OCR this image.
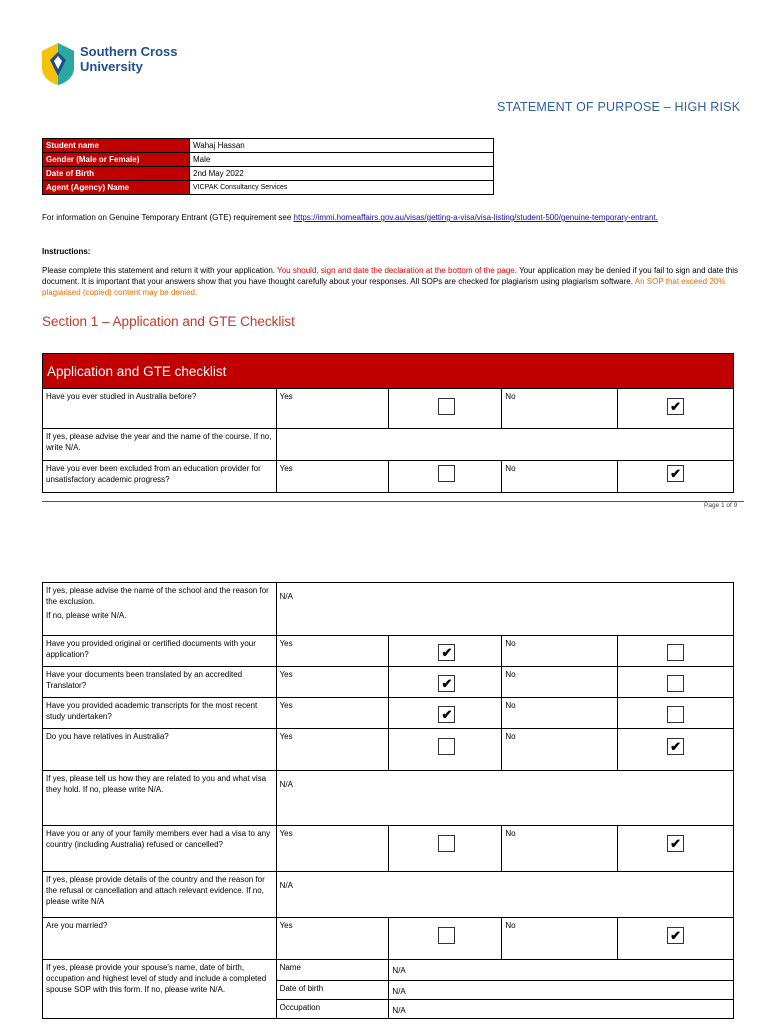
Southern Cross
University
STATEMENT OF PURPOSE – HIGH RISK
Student name	Wahaj Hassan
Gender (Male or Female)	Male
Date of Birth	2nd May 2022
Agent (Agency) Name	VICPAK Consultancy Services
For information on Genuine Temporary Entrant (GTE) requirement see https://immi.homeaffairs.gov.au/visas/getting-a-visa/visa-listing/student-500/genuine-temporary-entrant.
Instructions:
Please complete this statement and return it with your application. You should, sign and date the declaration at the bottom of the page. Your application may be denied if you fail to sign and date this document. It is important that your answers show that you have thought carefully about your responses. All SOPs are checked for plagiarism using plagiarism software. An SOP that exceed 20% plagiarised (copied) content may be denied.
Section 1 – Application and GTE Checklist
Application and GTE checklist				
Have you ever studied in Australia before?	Yes		No	✔
If yes, please advise the year and the name of the course. If no, write N/A.				
Have you ever been excluded from an education provider for unsatisfactory academic progress?	Yes		No	✔
Page 1 of 9
If yes, please advise the name of the school and the reason for the exclusion.
If no, please write N/A.	N/A			
Have you provided original or certified documents with your application?	Yes	✔	No	
Have your documents been translated by an accredited Translator?	Yes	✔	No	
Have you provided academic transcripts for the most recent study undertaken?	Yes	✔	No	
Do you have relatives in Australia?	Yes		No	✔
If yes, please tell us how they are related to you and what visa they hold. If no, please write N/A.	N/A			
Have you or any of your family members ever had a visa to any country (including Australia) refused or cancelled?	Yes		No	✔
If yes, please provide details of the country and the reason for the refusal or cancellation and attach relevant evidence. If no, please write N/A	N/A			
Are you married?	Yes		No	✔
If yes, please provide your spouse's name, date of birth, occupation and highest level of study and include a completed spouse SOP with this form. If no, please write N/A.	Name	N/A		
	Date of birth	N/A		
	Occupation	N/A		
